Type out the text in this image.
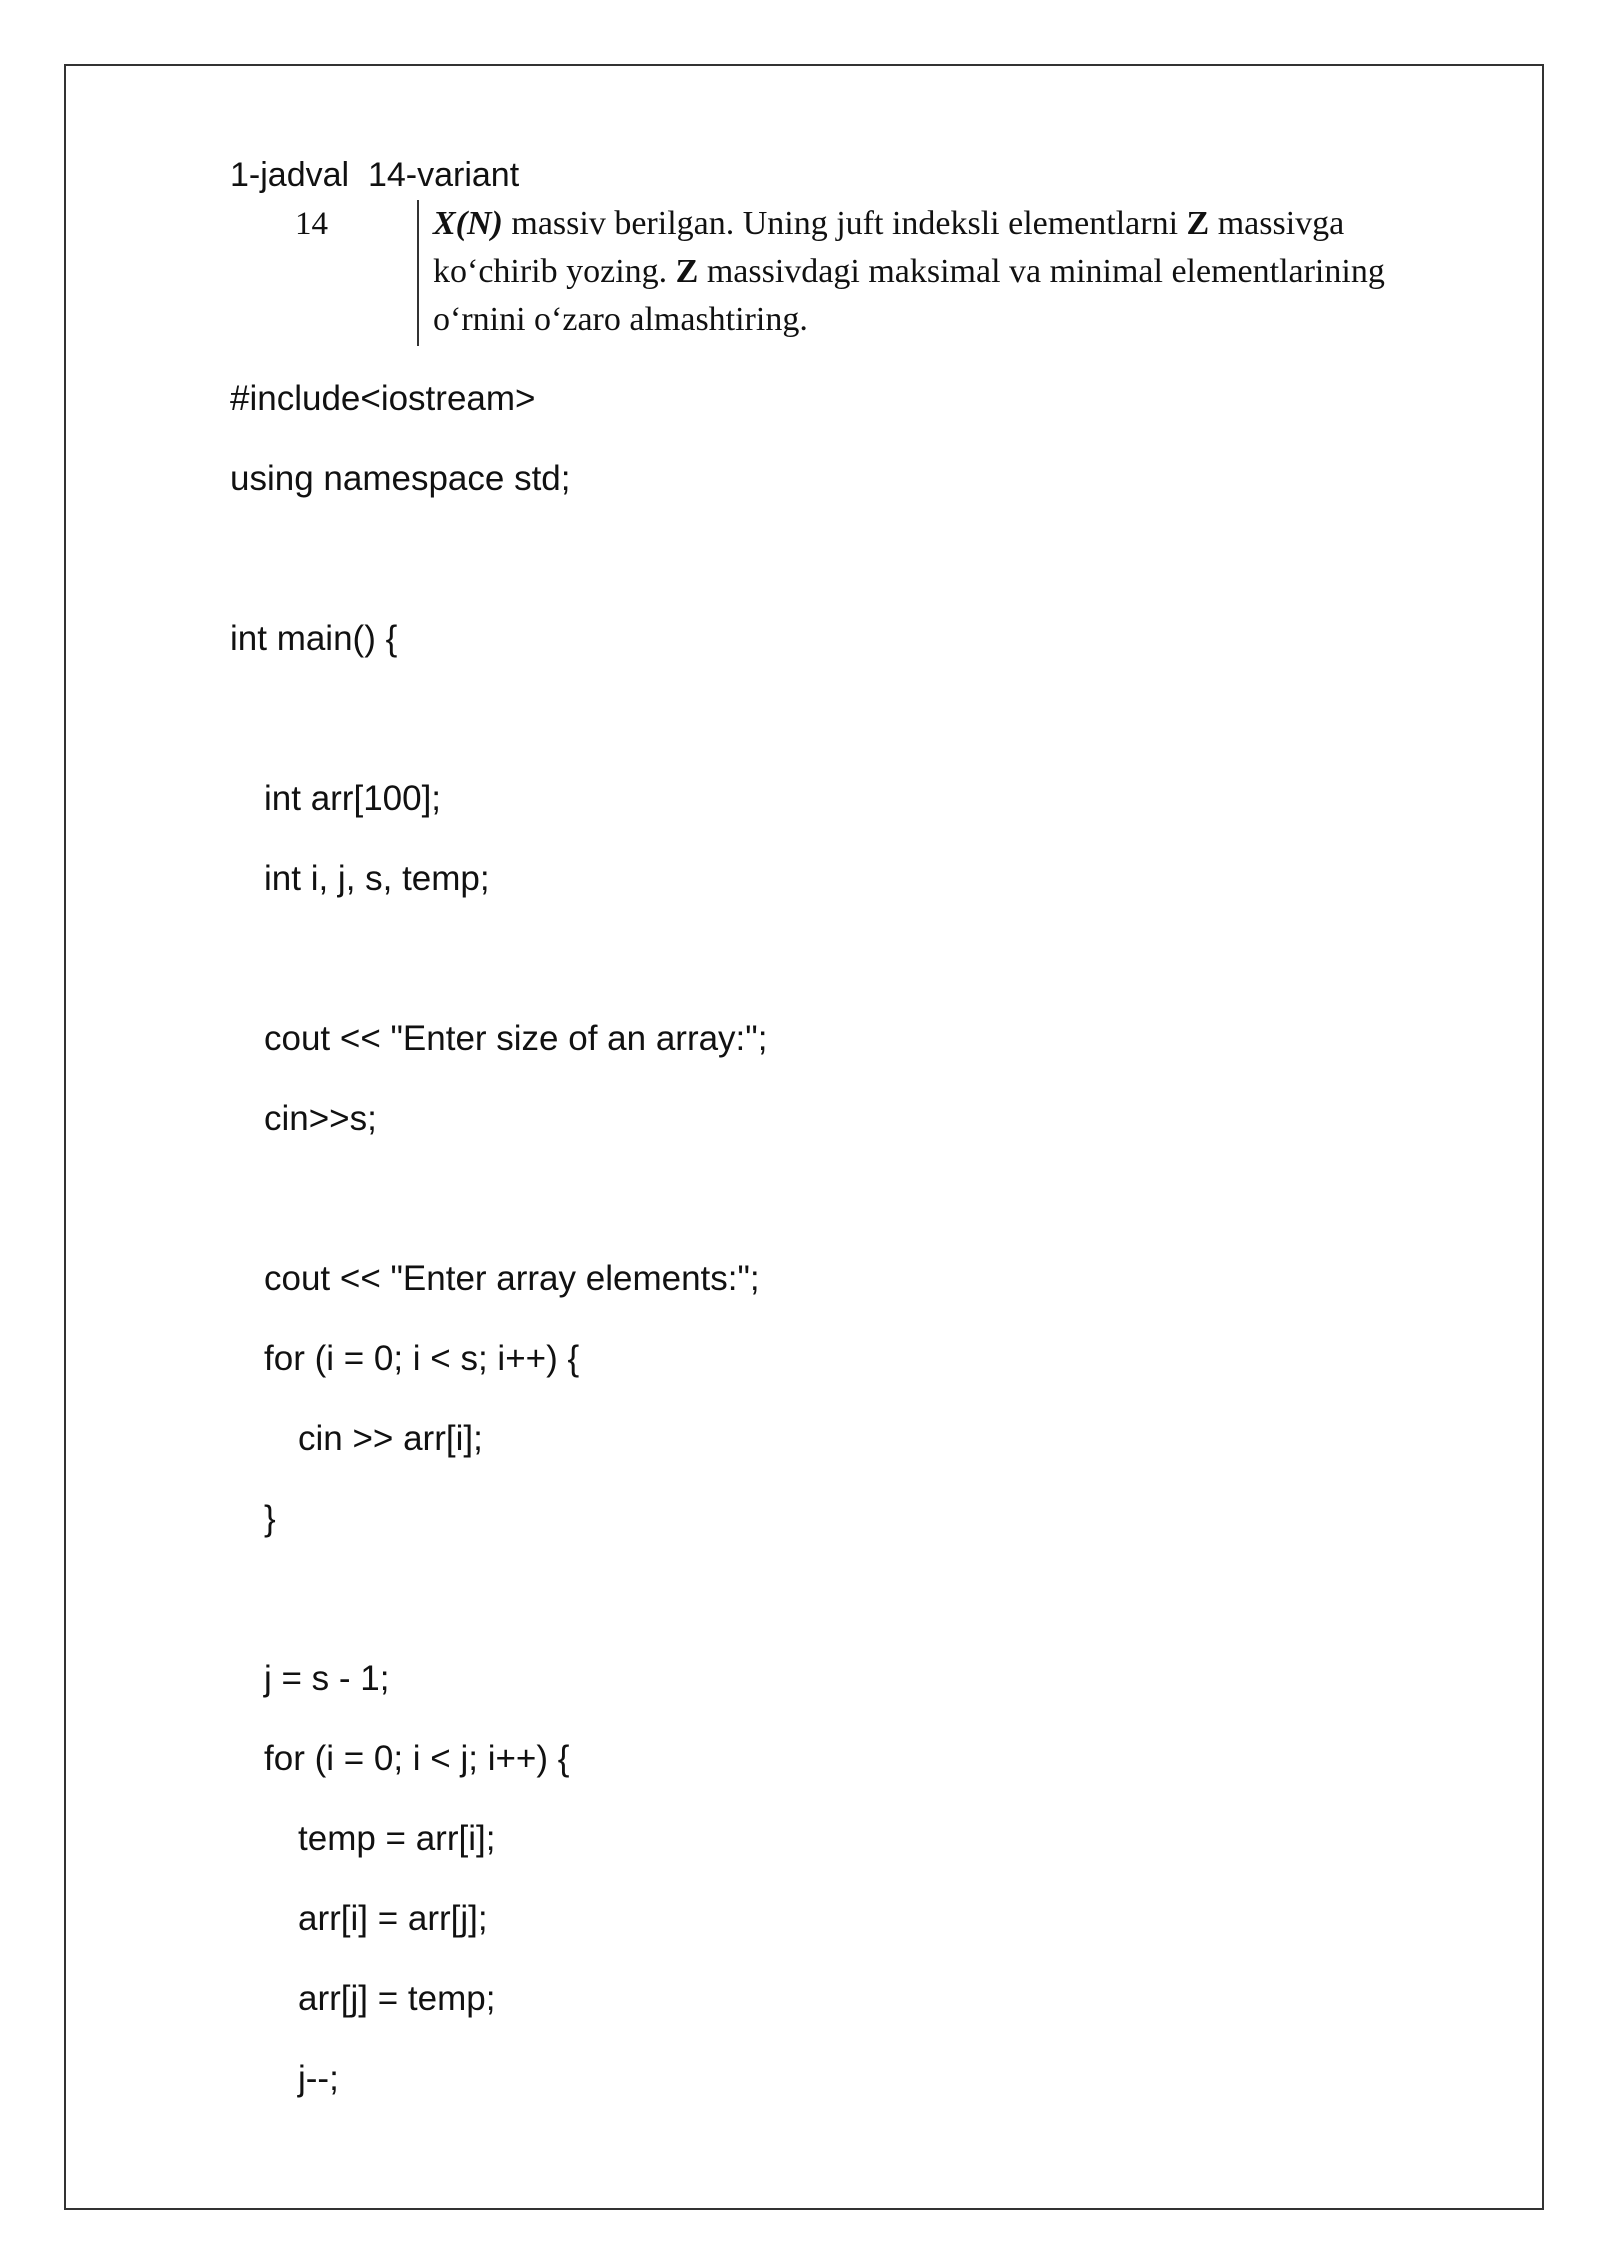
1-jadval  14-variant
14	X(N) massiv berilgan. Uning juft indeksli elementlarni Z massivga
ko‘chirib yozing. Z massivdagi maksimal va minimal elementlarining
o‘rnini o‘zaro almashtiring.
#include<iostream>
using namespace std;
int main() {
int arr[100];
int i, j, s, temp;
cout << "Enter size of an array:";
cin>>s;
cout << "Enter array elements:";
for (i = 0; i < s; i++) {
cin >> arr[i];
}
j = s - 1;
for (i = 0; i < j; i++) {
temp = arr[i];
arr[i] = arr[j];
arr[j] = temp;
j--;
